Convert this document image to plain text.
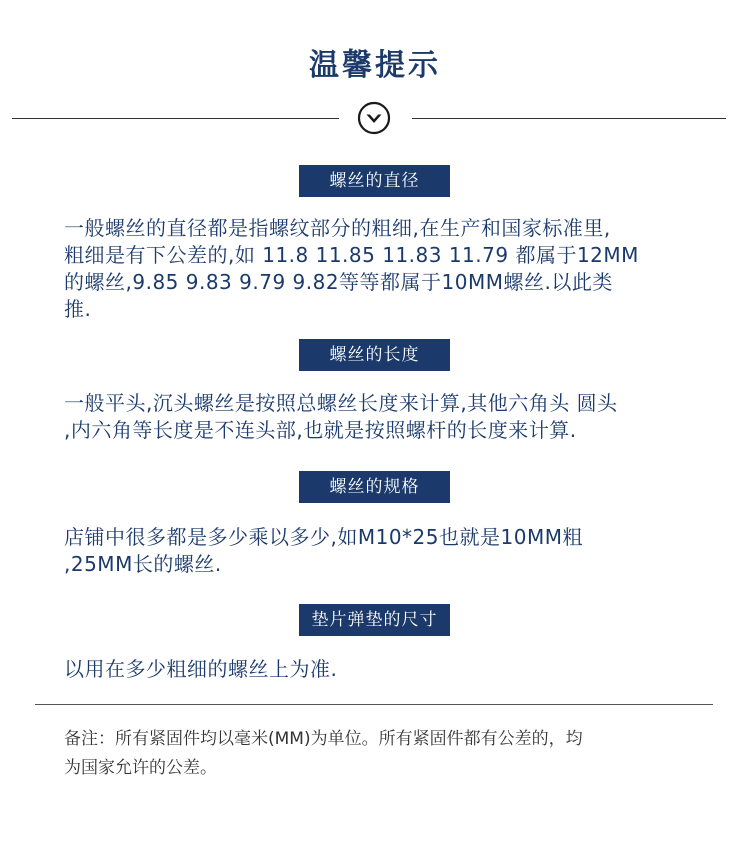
温馨提示
螺丝的直径
一般螺丝的直径都是指螺纹部分的粗细,在生产和国家标准里,
粗细是有下公差的,如 11.8 11.85 11.83 11.79 都属于12MM
的螺丝,9.85 9.83 9.79 9.82等等都属于10MM螺丝.以此类
推.
螺丝的长度
一般平头,沉头螺丝是按照总螺丝长度来计算,其他六角头 圆头
,内六角等长度是不连头部,也就是按照螺杆的长度来计算.
螺丝的规格
店铺中很多都是多少乘以多少,如M10*25也就是10MM粗
,25MM长的螺丝.
垫片弹垫的尺寸
以用在多少粗细的螺丝上为准.
备注：所有紧固件均以毫米(MM)为单位。所有紧固件都有公差的，均
为国家允许的公差。
